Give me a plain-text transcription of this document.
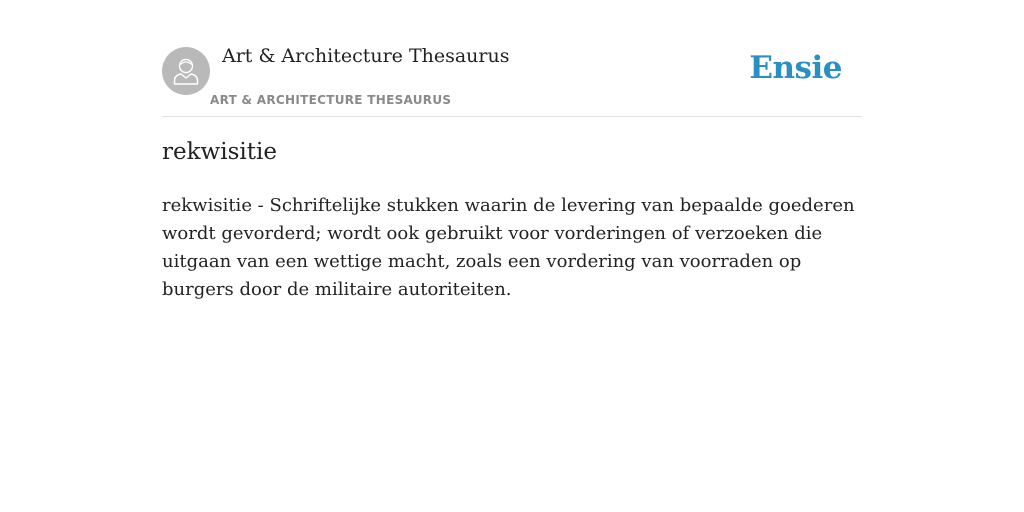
Art & Architecture Thesaurus
ART & ARCHITECTURE THESAURUS
Ensie
rekwisitie

rekwisitie - Schriftelijke stukken waarin de levering van bepaalde goederen wordt gevorderd; wordt ook gebruikt voor vorderingen of verzoeken die uitgaan van een wettige macht, zoals een vordering van voorraden op burgers door de militaire autoriteiten.
